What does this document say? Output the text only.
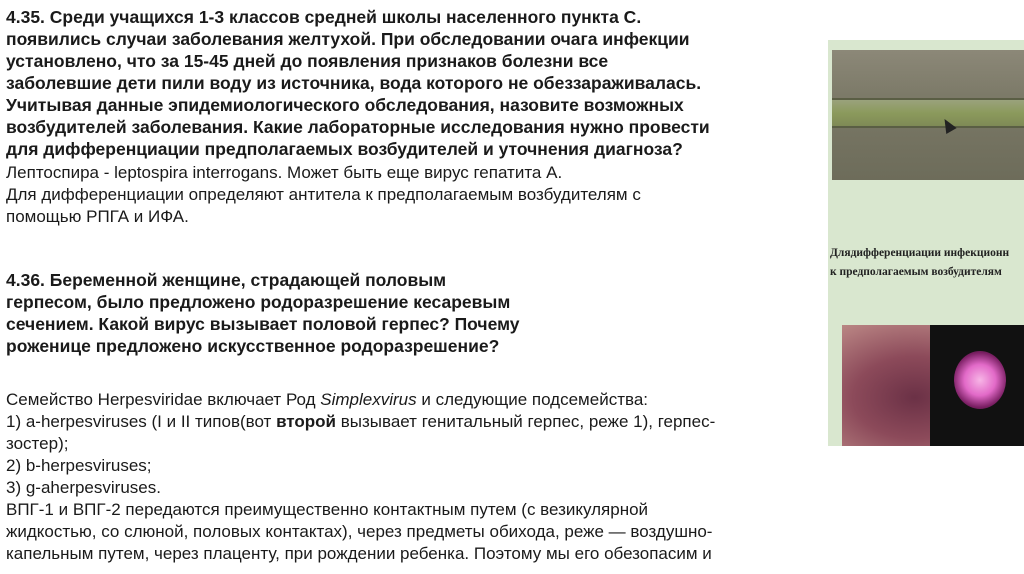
4.35. Среди учащихся 1-3 классов средней школы населенного пункта С.
появились случаи заболевания желтухой. При обследовании очага инфекции
установлено, что за 15-45 дней до появления признаков болезни все
заболевшие дети пили воду из источника, вода которого не обеззараживалась.
Учитывая данные эпидемиологического обследования, назовите возможных
возбудителей заболевания. Какие лабораторные исследования нужно провести
для дифференциации предполагаемых возбудителей и уточнения диагноза?
Лептоспира - leptospira interrogans. Может быть еще вирус гепатита А.
Для дифференциации определяют антитела к предполагаемым возбудителям с
помощью РПГА и ИФА.
4.36. Беременной женщине, страдающей половым
герпесом, было предложено родоразрешение кесаревым
сечением. Какой вирус вызывает половой герпес? Почему
роженице предложено искусственное родоразрешение?
Семейство Herpesviridae включает Род Simplexvirus и следующие подсемейства:
1) a-herpesviruses (I и II типов(вот второй вызывает генитальный герпес, реже 1), герпес-
зостер);
2) b-herpesviruses;
3) g-aherpesviruses.
ВПГ-1 и ВПГ-2 передаются преимущественно контактным путем (с везикулярной
жидкостью, со слюной, половых контактах), через предметы обихода, реже — воздушно-
капельным путем, через плаценту, при рождении ребенка. Поэтому мы его обезопасим и
Длядифференциации инфекционн
к предполагаемым возбудителям
